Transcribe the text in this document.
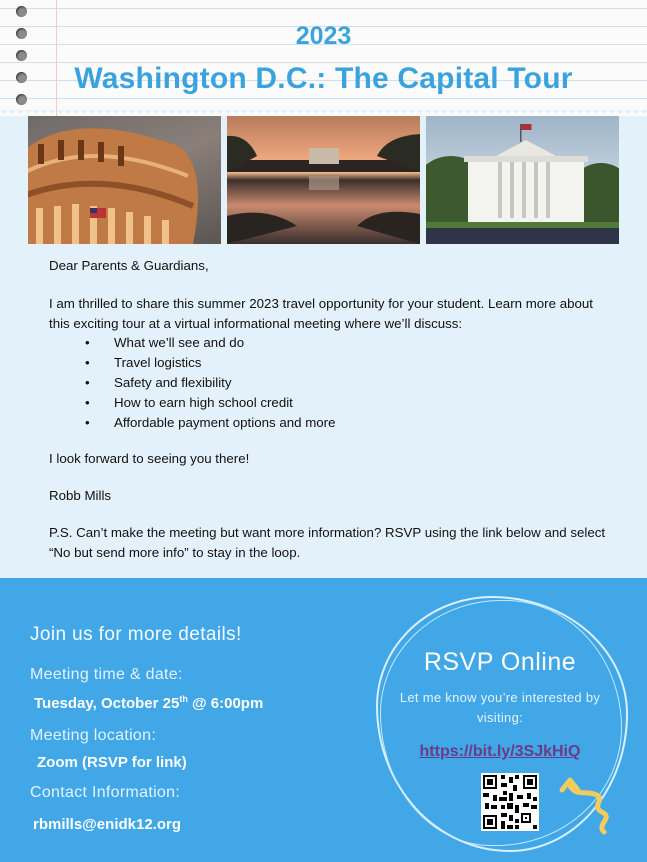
2023
Washington D.C.: The Capital Tour

Dear Parents & Guardians,

I am thrilled to share this summer 2023 travel opportunity for your student. Learn more about this exciting tour at a virtual informational meeting where we’ll discuss:

• What we’ll see and do
• Travel logistics
• Safety and flexibility
• How to earn high school credit
• Affordable payment options and more

I look forward to seeing you there!

Robb Mills

P.S. Can’t make the meeting but want more information? RSVP using the link below and select “No but send more info” to stay in the loop.

Join us for more details!
Meeting time & date:
Tuesday, October 25th @ 6:00pm
Meeting location:
Zoom (RSVP for link)
Contact Information:
rbmills@enidk12.org
RSVP Online
Let me know you’re interested by visiting:
https://bit.ly/3SJkHiQ
